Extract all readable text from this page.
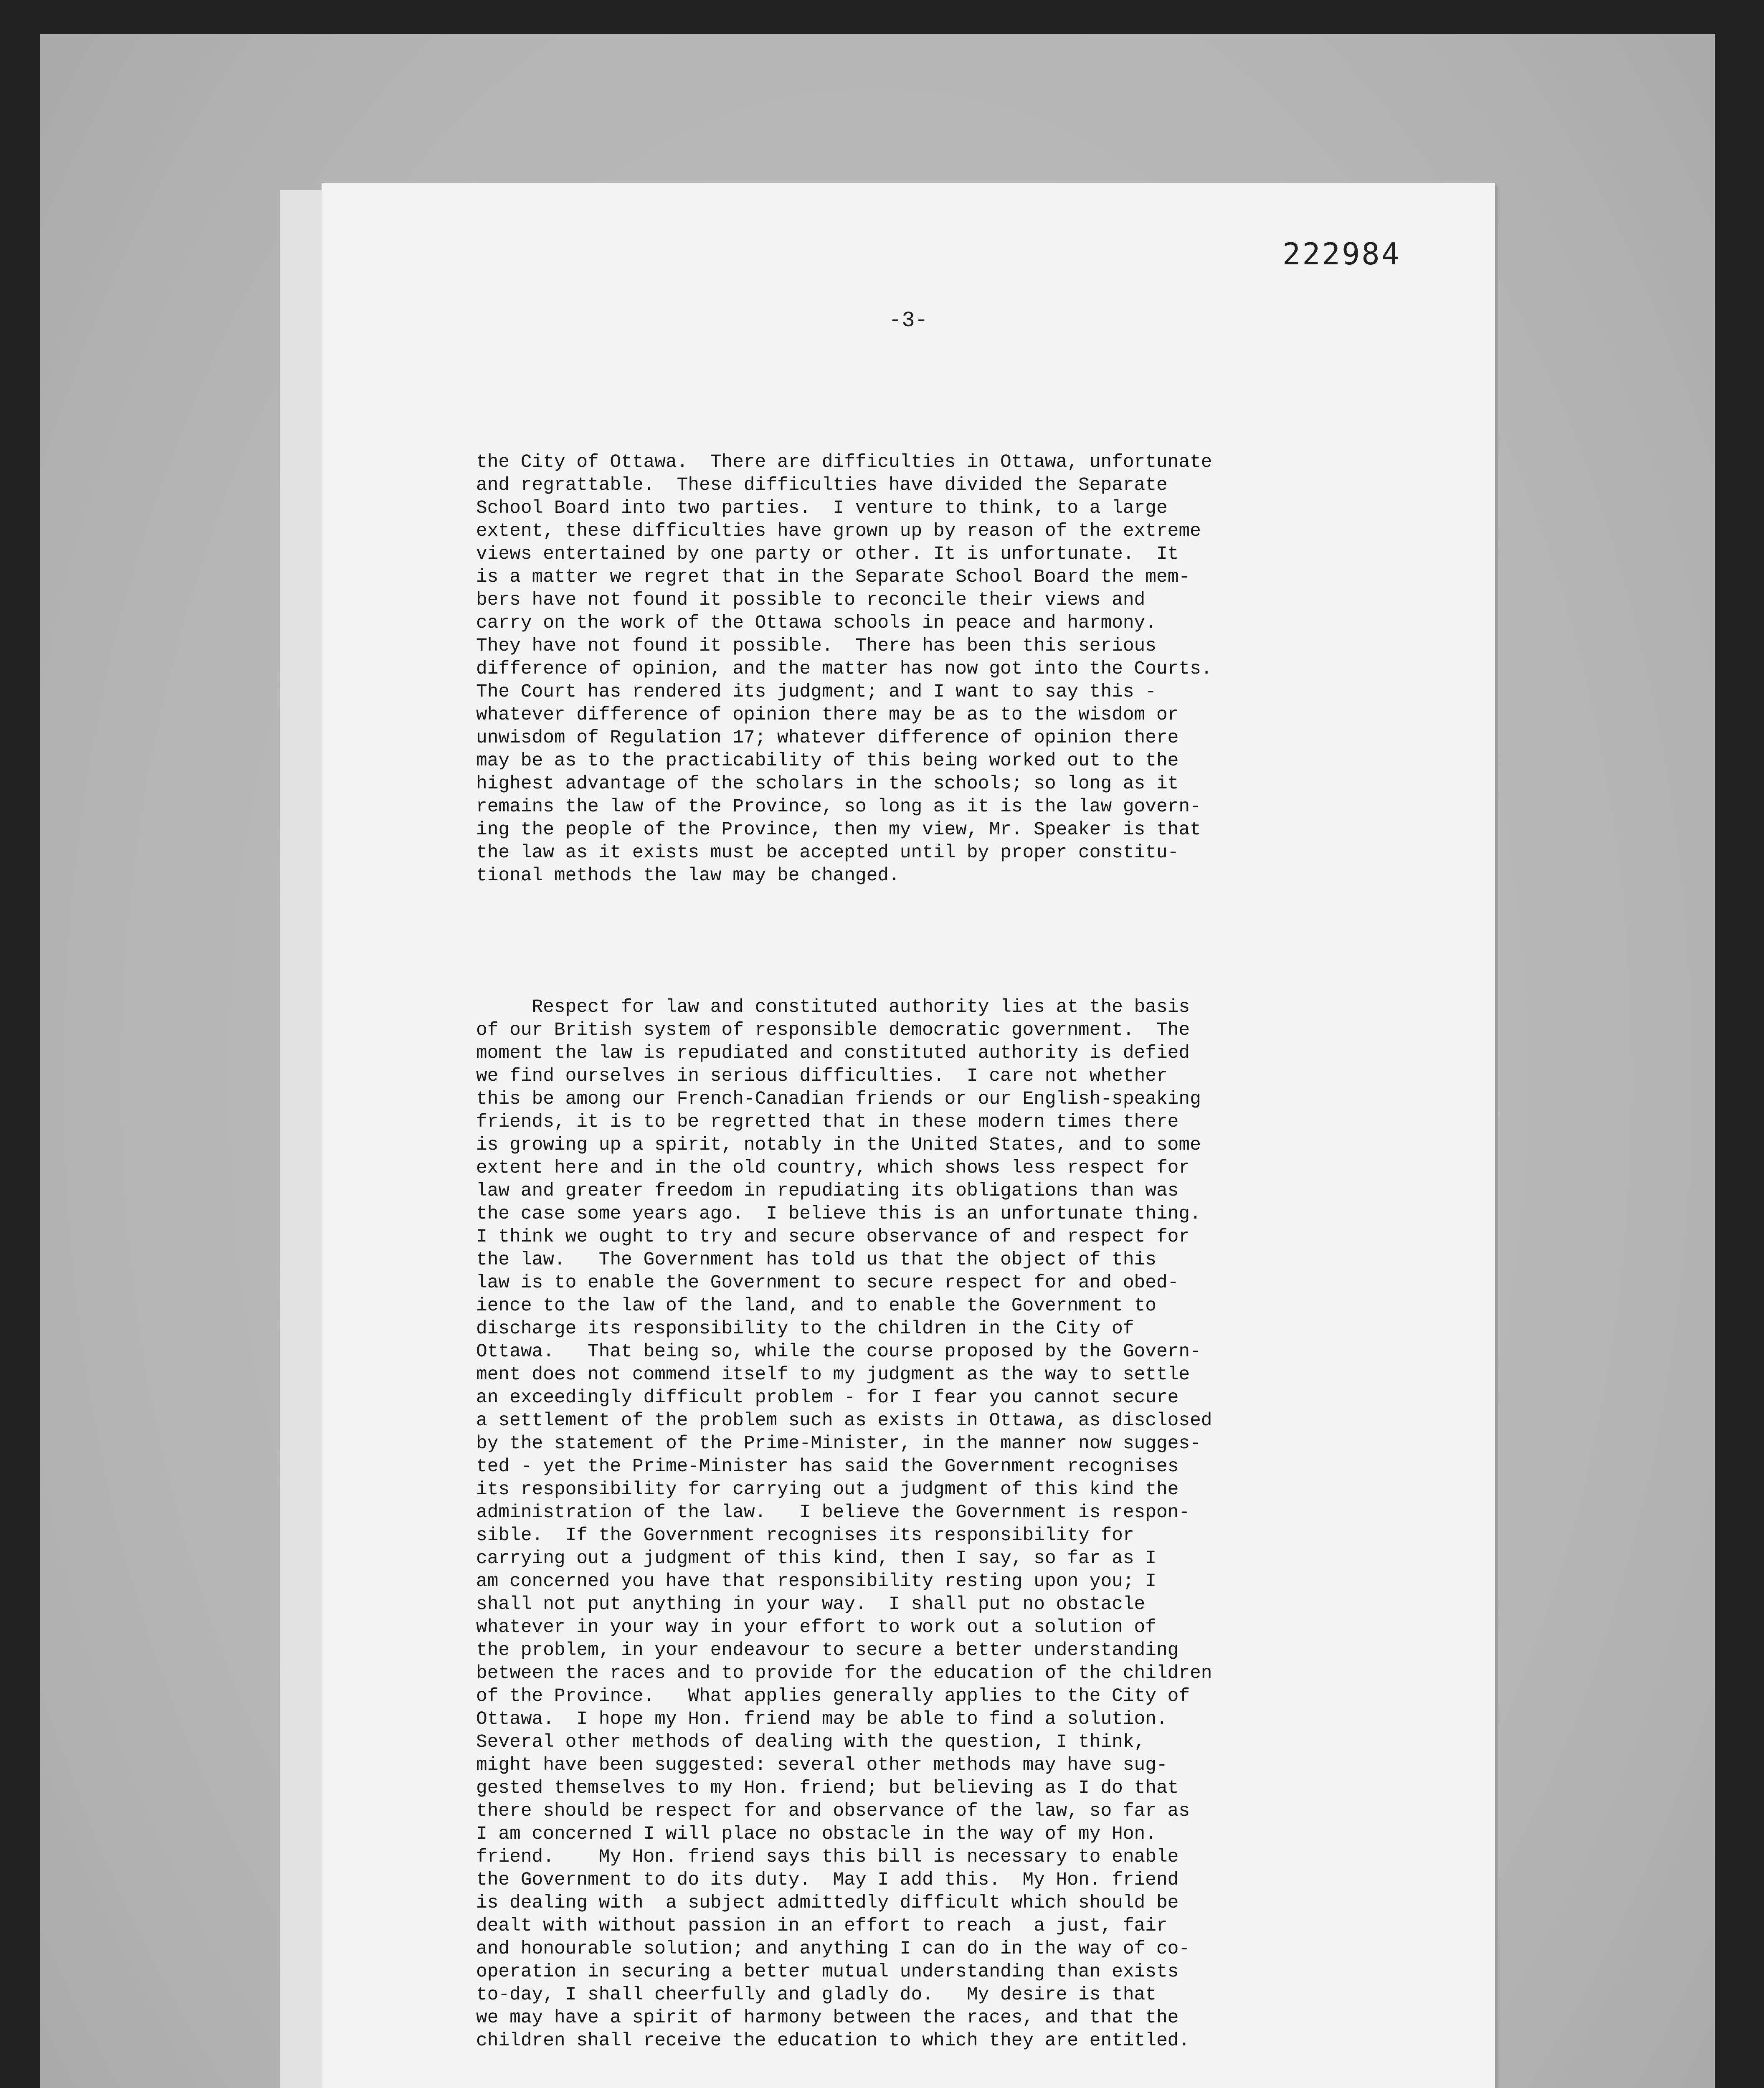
222984
-3-

the City of Ottawa.  There are difficulties in Ottawa, unfortunate
and regrattable.  These difficulties have divided the Separate
School Board into two parties.  I venture to think, to a large
extent, these difficulties have grown up by reason of the extreme
views entertained by one party or other. It is unfortunate.  It
is a matter we regret that in the Separate School Board the mem-
bers have not found it possible to reconcile their views and
carry on the work of the Ottawa schools in peace and harmony.
They have not found it possible.  There has been this serious
difference of opinion, and the matter has now got into the Courts.
The Court has rendered its judgment; and I want to say this -
whatever difference of opinion there may be as to the wisdom or
unwisdom of Regulation 17; whatever difference of opinion there
may be as to the practicability of this being worked out to the
highest advantage of the scholars in the schools; so long as it
remains the law of the Province, so long as it is the law govern-
ing the people of the Province, then my view, Mr. Speaker is that
the law as it exists must be accepted until by proper constitu-
tional methods the law may be changed.

Respect for law and constituted authority lies at the basis
of our British system of responsible democratic government.  The
moment the law is repudiated and constituted authority is defied
we find ourselves in serious difficulties.  I care not whether
this be among our French-Canadian friends or our English-speaking
friends, it is to be regretted that in these modern times there
is growing up a spirit, notably in the United States, and to some
extent here and in the old country, which shows less respect for
law and greater freedom in repudiating its obligations than was
the case some years ago.  I believe this is an unfortunate thing.
I think we ought to try and secure observance of and respect for
the law.   The Government has told us that the object of this
law is to enable the Government to secure respect for and obed-
ience to the law of the land, and to enable the Government to
discharge its responsibility to the children in the City of
Ottawa.   That being so, while the course proposed by the Govern-
ment does not commend itself to my judgment as the way to settle
an exceedingly difficult problem - for I fear you cannot secure
a settlement of the problem such as exists in Ottawa, as disclosed
by the statement of the Prime-Minister, in the manner now sugges-
ted - yet the Prime-Minister has said the Government recognises
its responsibility for carrying out a judgment of this kind the
administration of the law.   I believe the Government is respon-
sible.  If the Government recognises its responsibility for
carrying out a judgment of this kind, then I say, so far as I
am concerned you have that responsibility resting upon you; I
shall not put anything in your way.  I shall put no obstacle
whatever in your way in your effort to work out a solution of
the problem, in your endeavour to secure a better understanding
between the races and to provide for the education of the children
of the Province.   What applies generally applies to the City of
Ottawa.  I hope my Hon. friend may be able to find a solution.
Several other methods of dealing with the question, I think,
might have been suggested: several other methods may have sug-
gested themselves to my Hon. friend; but believing as I do that
there should be respect for and observance of the law, so far as
I am concerned I will place no obstacle in the way of my Hon.
friend.    My Hon. friend says this bill is necessary to enable
the Government to do its duty.  May I add this.  My Hon. friend
is dealing with  a subject admittedly difficult which should be
dealt with without passion in an effort to reach  a just, fair
and honourable solution; and anything I can do in the way of co-
operation in securing a better mutual understanding than exists
to-day, I shall cheerfully and gladly do.   My desire is that
we may have a spirit of harmony between the races, and that the
children shall receive the education to which they are entitled.
